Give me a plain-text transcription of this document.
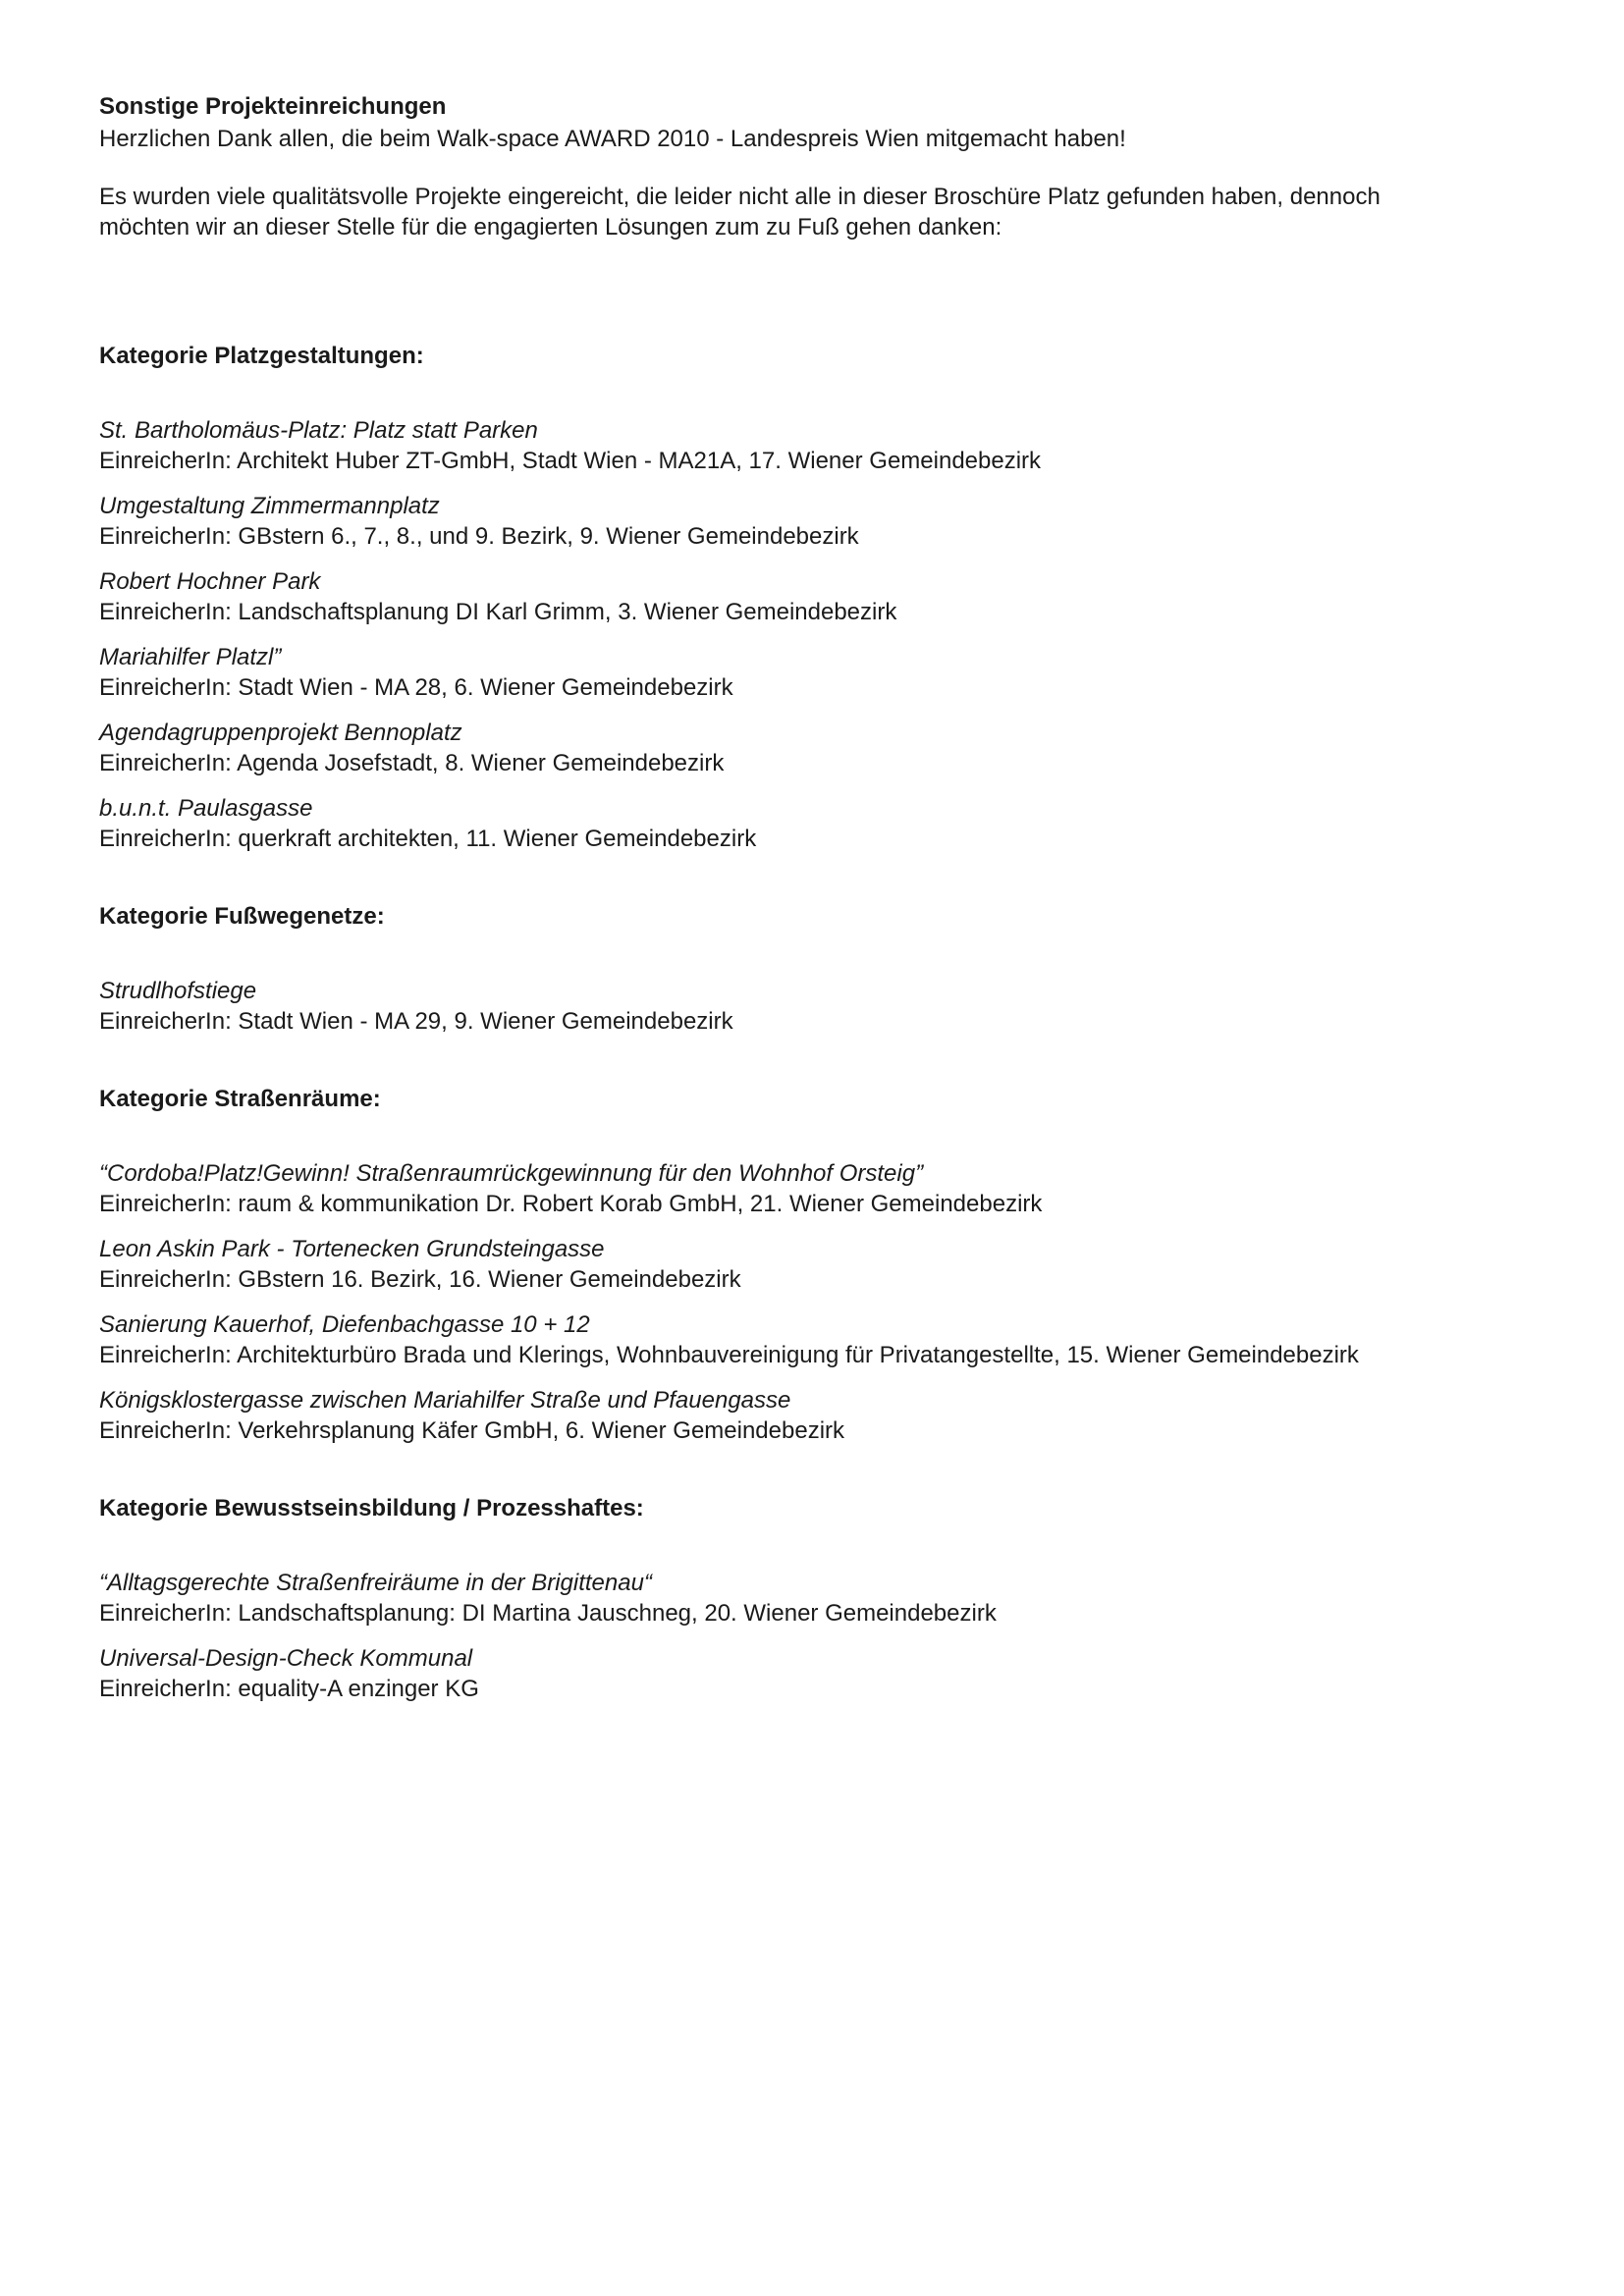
Sonstige Projekteinreichungen

Herzlichen Dank allen, die beim Walk-space AWARD 2010 - Landespreis Wien mitgemacht haben!

Es wurden viele qualitätsvolle Projekte eingereicht, die leider nicht alle in dieser Broschüre Platz gefunden haben, dennoch
möchten wir an dieser Stelle für die engagierten Lösungen zum zu Fuß gehen danken:

Kategorie Platzgestaltungen:
St. Bartholomäus-Platz: Platz statt Parken
EinreicherIn: Architekt Huber ZT-GmbH, Stadt Wien - MA21A, 17. Wiener Gemeindebezirk
Umgestaltung Zimmermannplatz
EinreicherIn: GBstern 6., 7., 8., und 9. Bezirk, 9. Wiener Gemeindebezirk
Robert Hochner Park
EinreicherIn: Landschaftsplanung DI Karl Grimm, 3. Wiener Gemeindebezirk
Mariahilfer Platzl”
EinreicherIn: Stadt Wien - MA 28, 6. Wiener Gemeindebezirk
Agendagruppenprojekt Bennoplatz
EinreicherIn: Agenda Josefstadt, 8. Wiener Gemeindebezirk
b.u.n.t. Paulasgasse
EinreicherIn: querkraft architekten, 11. Wiener Gemeindebezirk
Kategorie Fußwegenetze:
Strudlhofstiege
EinreicherIn: Stadt Wien - MA 29, 9. Wiener Gemeindebezirk
Kategorie Straßenräume:
“Cordoba!Platz!Gewinn! Straßenraumrückgewinnung für den Wohnhof Orsteig”
EinreicherIn: raum & kommunikation Dr. Robert Korab GmbH, 21. Wiener Gemeindebezirk
Leon Askin Park - Tortenecken Grundsteingasse
EinreicherIn: GBstern 16. Bezirk, 16. Wiener Gemeindebezirk
Sanierung Kauerhof, Diefenbachgasse 10 + 12
EinreicherIn: Architekturbüro Brada und Klerings, Wohnbauvereinigung für Privatangestellte, 15. Wiener Gemeindebezirk
Königsklostergasse zwischen Mariahilfer Straße und Pfauengasse
EinreicherIn: Verkehrsplanung Käfer GmbH, 6. Wiener Gemeindebezirk
Kategorie Bewusstseinsbildung / Prozesshaftes:
“Alltagsgerechte Straßenfreiräume in der Brigittenau“
EinreicherIn: Landschaftsplanung: DI Martina Jauschneg, 20. Wiener Gemeindebezirk
Universal-Design-Check Kommunal
EinreicherIn: equality-A enzinger KG
